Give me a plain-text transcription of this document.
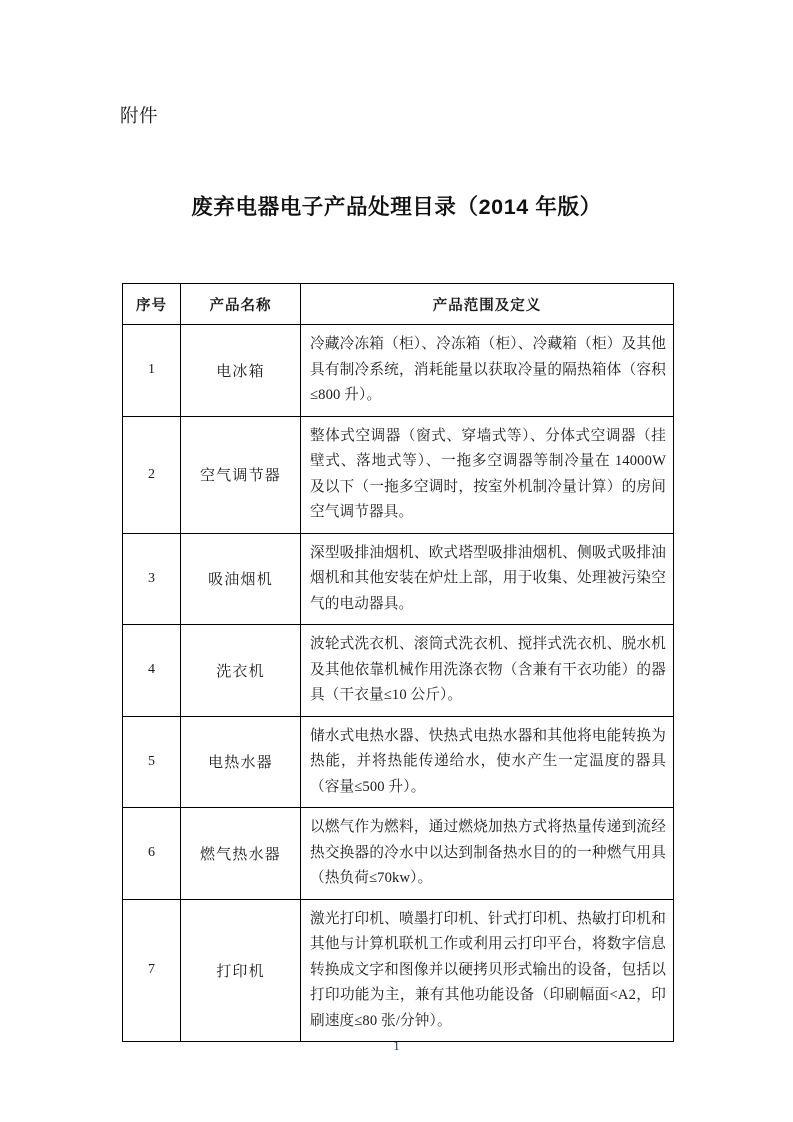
附件
废弃电器电子产品处理目录（2014 年版）
序号	产品名称	产品范围及定义
1	电冰箱	冷藏冷冻箱（柜）、冷冻箱（柜）、冷藏箱（柜）及其他具有制冷系统，消耗能量以获取冷量的隔热箱体（容积≤800 升）。
2	空气调节器	整体式空调器（窗式、穿墙式等）、分体式空调器（挂壁式、落地式等）、一拖多空调器等制冷量在 14000W 及以下（一拖多空调时，按室外机制冷量计算）的房间空气调节器具。
3	吸油烟机	深型吸排油烟机、欧式塔型吸排油烟机、侧吸式吸排油烟机和其他安装在炉灶上部，用于收集、处理被污染空气的电动器具。
4	洗衣机	波轮式洗衣机、滚筒式洗衣机、搅拌式洗衣机、脱水机及其他依靠机械作用洗涤衣物（含兼有干衣功能）的器具（干衣量≤10 公斤）。
5	电热水器	储水式电热水器、快热式电热水器和其他将电能转换为热能，并将热能传递给水，使水产生一定温度的器具（容量≤500 升）。
6	燃气热水器	以燃气作为燃料，通过燃烧加热方式将热量传递到流经热交换器的冷水中以达到制备热水目的的一种燃气用具（热负荷≤70kw）。
7	打印机	激光打印机、喷墨打印机、针式打印机、热敏打印机和其他与计算机联机工作或利用云打印平台，将数字信息转换成文字和图像并以硬拷贝形式输出的设备，包括以打印功能为主，兼有其他功能设备（印刷幅面<A2，印刷速度≤80 张/分钟）。
1
